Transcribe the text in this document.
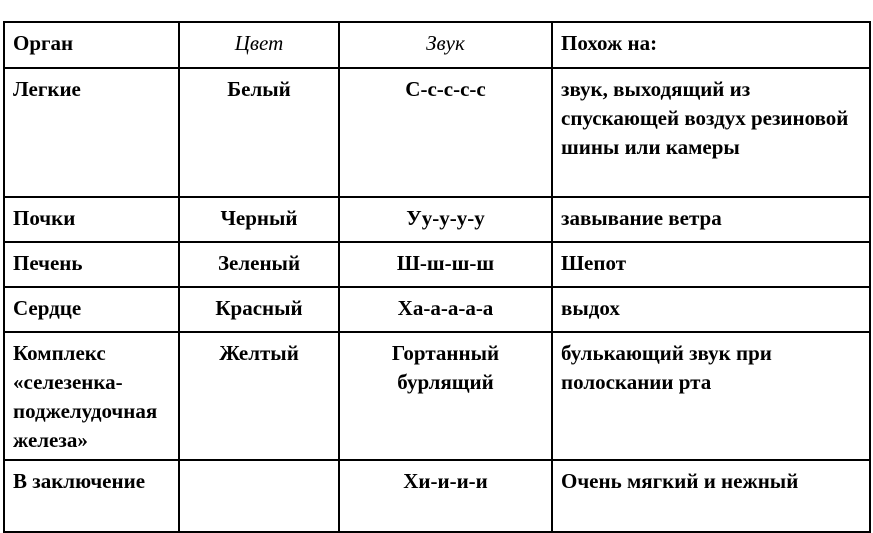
Орган	Цвет	Звук	Похож на:
Легкие	Белый	С-с-с-с-с	звук, выходящий из спускающей воздух резиновой шины или камеры
Почки	Черный	Уу-у-у-у	завывание ветра
Печень	Зеленый	Ш-ш-ш-ш	Шепот
Сердце	Красный	Ха-а-а-а-а	выдох
Комплекс «селезенка-поджелудочная железа»	Желтый	Гортанный бурлящий	булькающий звук при полоскании рта
В заключение		Хи-и-и-и	Очень мягкий и нежный
